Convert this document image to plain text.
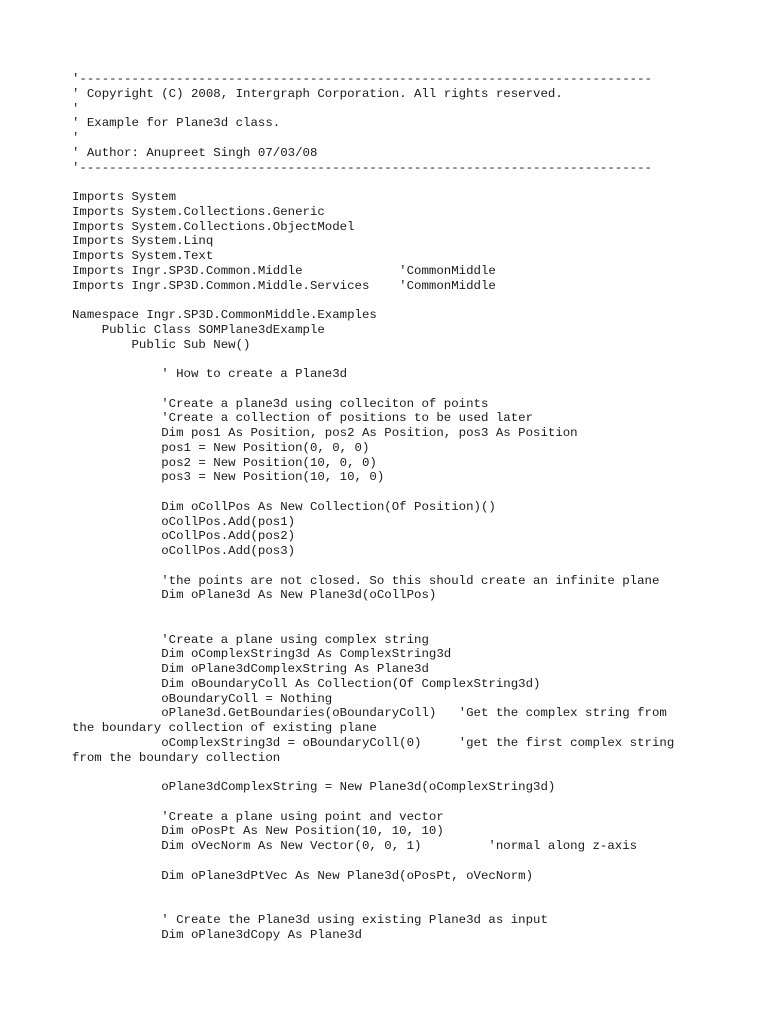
'-----------------------------------------------------------------------------
' Copyright (C) 2008, Intergraph Corporation. All rights reserved.
'
' Example for Plane3d class.
'
' Author: Anupreet Singh 07/03/08
'-----------------------------------------------------------------------------
Imports System
Imports System.Collections.Generic
Imports System.Collections.ObjectModel
Imports System.Linq
Imports System.Text
Imports Ingr.SP3D.Common.Middle             'CommonMiddle
Imports Ingr.SP3D.Common.Middle.Services    'CommonMiddle
Namespace Ingr.SP3D.CommonMiddle.Examples
Public Class SOMPlane3dExample
Public Sub New()
' How to create a Plane3d
'Create a plane3d using colleciton of points
'Create a collection of positions to be used later
Dim pos1 As Position, pos2 As Position, pos3 As Position
pos1 = New Position(0, 0, 0)
pos2 = New Position(10, 0, 0)
pos3 = New Position(10, 10, 0)
Dim oCollPos As New Collection(Of Position)()
oCollPos.Add(pos1)
oCollPos.Add(pos2)
oCollPos.Add(pos3)
'the points are not closed. So this should create an infinite plane
Dim oPlane3d As New Plane3d(oCollPos)
'Create a plane using complex string
Dim oComplexString3d As ComplexString3d
Dim oPlane3dComplexString As Plane3d
Dim oBoundaryColl As Collection(Of ComplexString3d)
oBoundaryColl = Nothing
oPlane3d.GetBoundaries(oBoundaryColl)   'Get the complex string from
the boundary collection of existing plane
oComplexString3d = oBoundaryColl(0)     'get the first complex string
from the boundary collection
oPlane3dComplexString = New Plane3d(oComplexString3d)
'Create a plane using point and vector
Dim oPosPt As New Position(10, 10, 10)
Dim oVecNorm As New Vector(0, 0, 1)         'normal along z-axis
Dim oPlane3dPtVec As New Plane3d(oPosPt, oVecNorm)
' Create the Plane3d using existing Plane3d as input
Dim oPlane3dCopy As Plane3d
